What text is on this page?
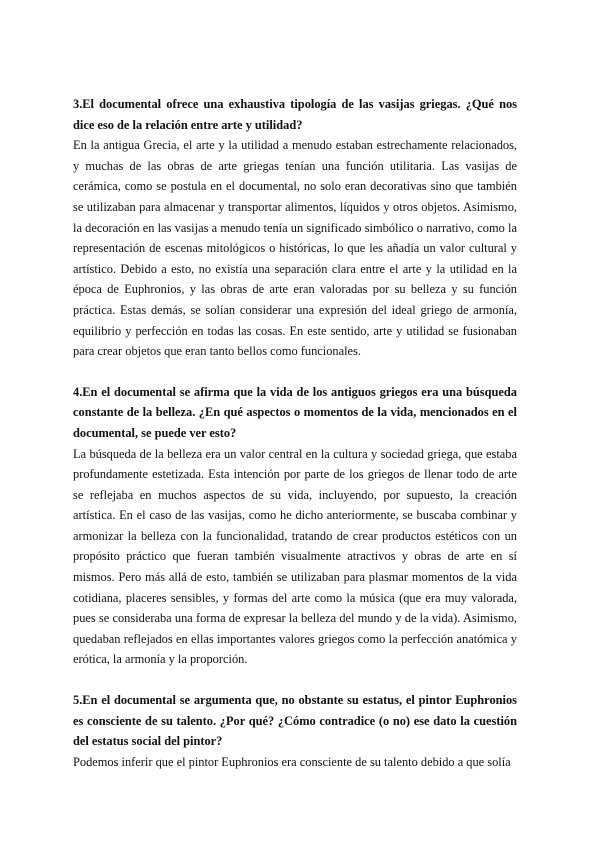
3.El documental ofrece una exhaustiva tipología de las vasijas griegas. ¿Qué nos dice eso de la relación entre arte y utilidad?

En la antigua Grecia, el arte y la utilidad a menudo estaban estrechamente relacionados, y muchas de las obras de arte griegas tenían una función utilitaria. Las vasijas de cerámica, como se postula en el documental, no solo eran decorativas sino que también se utilizaban para almacenar y transportar alimentos, líquidos y otros objetos. Asimismo, la decoración en las vasijas a menudo tenía un significado simbólico o narrativo, como la representación de escenas mitológicos o históricas, lo que les añadía un valor cultural y artístico. Debido a esto, no existía una separación clara entre el arte y la utilidad en la época de Euphronios, y las obras de arte eran valoradas por su belleza y su función práctica. Estas demás, se solían considerar una expresión del ideal griego de armonía, equilibrio y perfección en todas las cosas. En este sentido, arte y utilidad se fusionaban para crear objetos que eran tanto bellos como funcionales.

4.En el documental se afirma que la vida de los antiguos griegos era una búsqueda constante de la belleza. ¿En qué aspectos o momentos de la vida, mencionados en el documental, se puede ver esto?

La búsqueda de la belleza era un valor central en la cultura y sociedad griega, que estaba profundamente estetizada. Esta intención por parte de los griegos de llenar todo de arte se reflejaba en muchos aspectos de su vida, incluyendo, por supuesto, la creación artística. En el caso de las vasijas, como he dicho anteriormente, se buscaba combinar y armonizar la belleza con la funcionalidad, tratando de crear productos estéticos con un propósito práctico que fueran también visualmente atractivos y obras de arte en sí mismos. Pero más allá de esto, también se utilizaban para plasmar momentos de la vida cotidiana, placeres sensibles, y formas del arte como la música (que era muy valorada, pues se consideraba una forma de expresar la belleza del mundo y de la vida). Asimismo, quedaban reflejados en ellas importantes valores griegos como la perfección anatómica y erótica, la armonía y la proporción.

5.En el documental se argumenta que, no obstante su estatus, el pintor Euphronios es consciente de su talento. ¿Por qué? ¿Cómo contradice (o no) ese dato la cuestión del estatus social del pintor?

Podemos inferir que el pintor Euphronios era consciente de su talento debido a que solía
